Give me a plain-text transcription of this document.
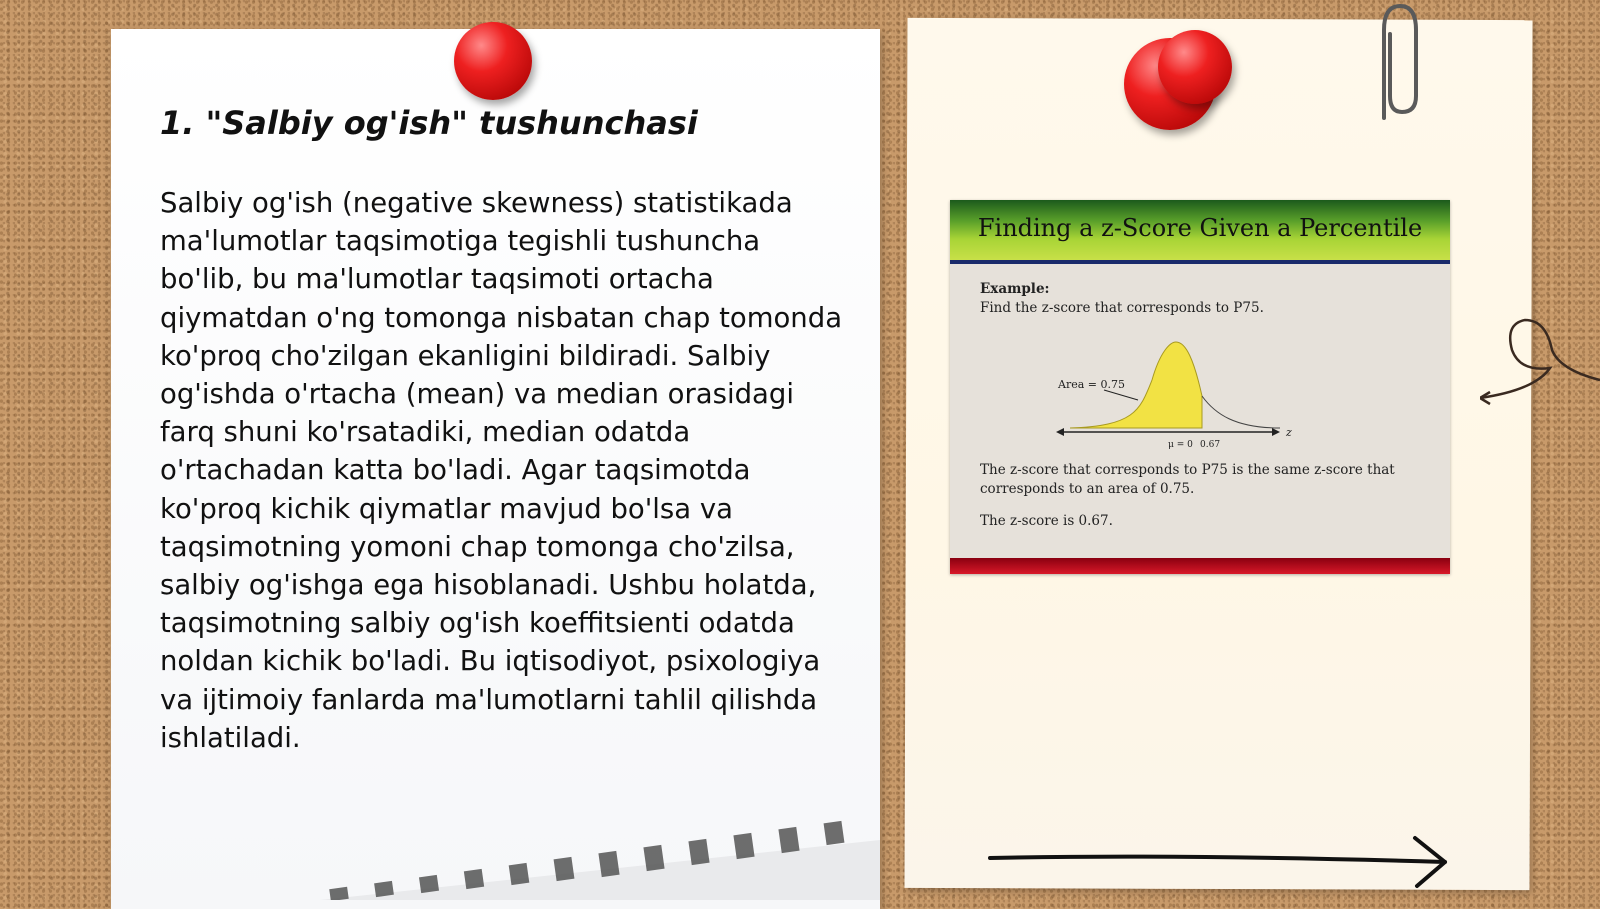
1. "Salbiy og'ish" tushunchasi

Salbiy og'ish (negative skewness) statistikada ma'lumotlar taqsimotiga tegishli tushuncha bo'lib, bu ma'lumotlar taqsimoti ortacha qiymatdan o'ng tomonga nisbatan chap tomonda ko'proq cho'zilgan ekanligini bildiradi. Salbiy og'ishda o'rtacha (mean) va median orasidagi farq shuni ko'rsatadiki, median odatda o'rtachadan katta bo'ladi. Agar taqsimotda ko'proq kichik qiymatlar mavjud bo'lsa va taqsimotning yomoni chap tomonga cho'zilsa, salbiy og'ishga ega hisoblanadi. Ushbu holatda, taqsimotning salbiy og'ish koeffitsienti odatda noldan kichik bo'ladi. Bu iqtisodiyot, psixologiya va ijtimoiy fanlarda ma'lumotlarni tahlil qilishda ishlatiladi.

Finding a z-Score Given a Percentile

Example:

Find the z-score that corresponds to P75.

Area = 0.75
z
μ = 0 0.67

The z-score that corresponds to P75 is the same z-score that

corresponds to an area of 0.75.

The z-score is 0.67.
